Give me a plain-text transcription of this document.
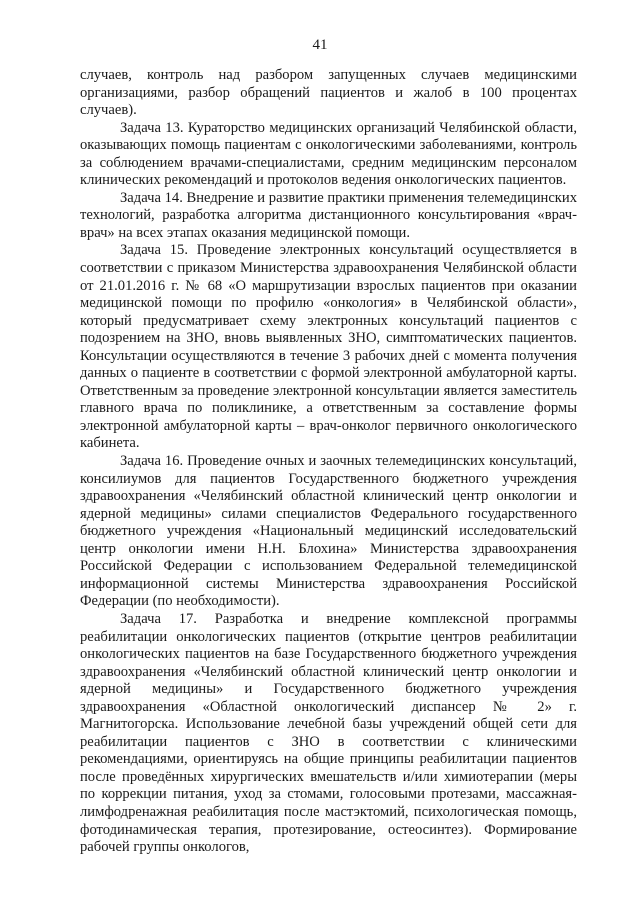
41

случаев, контроль над разбором запущенных случаев медицинскими организациями, разбор обращений пациентов и жалоб в 100 процентах случаев).

Задача 13. Кураторство медицинских организаций Челябинской области, оказывающих помощь пациентам с онкологическими заболеваниями, контроль за соблюдением врачами-специалистами, средним медицинским персоналом клинических рекомендаций и протоколов ведения онкологических пациентов.

Задача 14. Внедрение и развитие практики применения телемедицинских технологий, разработка алгоритма дистанционного консультирования «врач-врач» на всех этапах оказания медицинской помощи.

Задача 15. Проведение электронных консультаций осуществляется в соответствии с приказом Министерства здравоохранения Челябинской области от 21.01.2016 г. № 68 «О маршрутизации взрослых пациентов при оказании медицинской помощи по профилю «онкология» в Челябинской области», который предусматривает схему электронных консультаций пациентов с подозрением на ЗНО, вновь выявленных ЗНО, симптоматических пациентов. Консультации осуществляются в течение 3 рабочих дней с момента получения данных о пациенте в соответствии с формой электронной амбулаторной карты. Ответственным за проведение электронной консультации является заместитель главного врача по поликлинике, а ответственным за составление формы электронной амбулаторной карты – врач-онколог первичного онкологического кабинета.

Задача 16. Проведение очных и заочных телемедицинских консультаций, консилиумов для пациентов Государственного бюджетного учреждения здравоохранения «Челябинский областной клинический центр онкологии и ядерной медицины» силами специалистов Федерального государственного бюджетного учреждения «Национальный медицинский исследовательский центр онкологии имени Н.Н. Блохина» Министерства здравоохранения Российской Федерации с использованием Федеральной телемедицинской информационной системы Министерства здравоохранения Российской Федерации (по необходимости).

Задача 17. Разработка и внедрение комплексной программы реабилитации онкологических пациентов (открытие центров реабилитации онкологических пациентов на базе Государственного бюджетного учреждения здравоохранения «Челябинский областной клинический центр онкологии и ядерной медицины» и Государственного бюджетного учреждения здравоохранения «Областной онкологический диспансер № 2» г. Магнитогорска. Использование лечебной базы учреждений общей сети для реабилитации пациентов с ЗНО в соответствии с клиническими рекомендациями, ориентируясь на общие принципы реабилитации пациентов после проведённых хирургических вмешательств и/или химиотерапии (меры по коррекции питания, уход за стомами, голосовыми протезами, массажная-лимфодренажная реабилитация после мастэктомий, психологическая помощь, фотодинамическая терапия, протезирование, остеосинтез). Формирование рабочей группы онкологов,
